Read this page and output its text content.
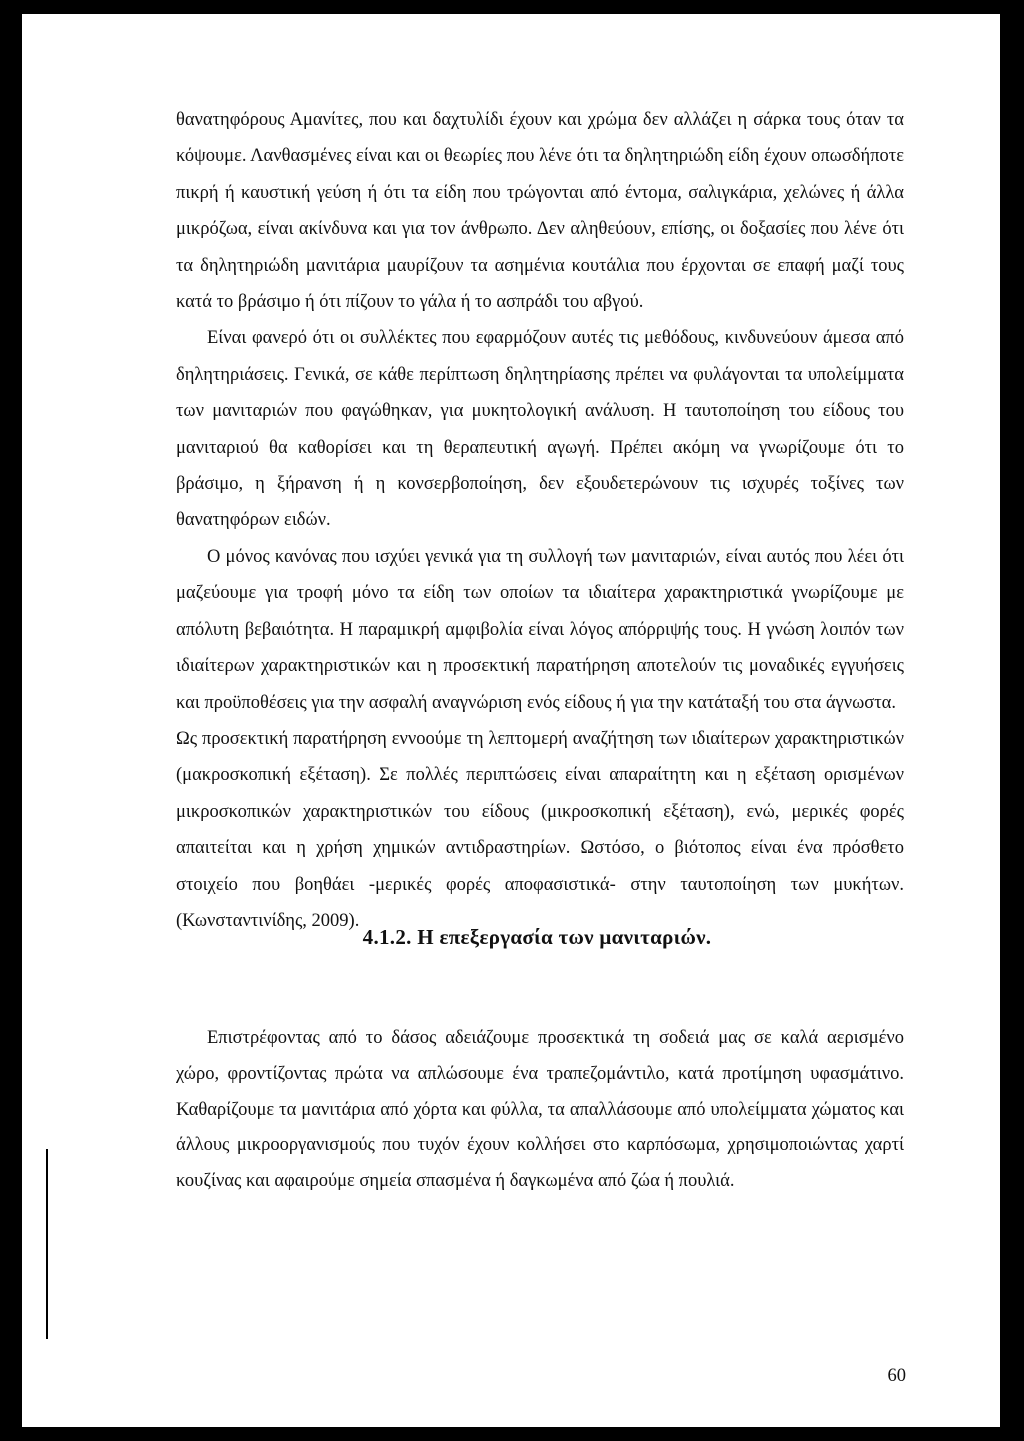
θανατηφόρους Αμανίτες, που και δαχτυλίδι έχουν και χρώμα δεν αλλάζει η σάρκα τους όταν τα κόψουμε. Λανθασμένες είναι και οι θεωρίες που λένε ότι τα δηλητηριώδη είδη έχουν οπωσδήποτε πικρή ή καυστική γεύση ή ότι τα είδη που τρώγονται από έντομα, σαλιγκάρια, χελώνες ή άλλα μικρόζωα, είναι ακίνδυνα και για τον άνθρωπο. Δεν αληθεύουν, επίσης, οι δοξασίες που λένε ότι τα δηλητηριώδη μανιτάρια μαυρίζουν τα ασημένια κουτάλια που έρχονται σε επαφή μαζί τους κατά το βράσιμο ή ότι πίζουν το γάλα ή το ασπράδι του αβγού.

Είναι φανερό ότι οι συλλέκτες που εφαρμόζουν αυτές τις μεθόδους, κινδυνεύουν άμεσα από δηλητηριάσεις. Γενικά, σε κάθε περίπτωση δηλητηρίασης πρέπει να φυλάγονται τα υπολείμματα των μανιταριών που φαγώθηκαν, για μυκητολογική ανάλυση. Η ταυτοποίηση του είδους του μανιταριού θα καθορίσει και τη θεραπευτική αγωγή. Πρέπει ακόμη να γνωρίζουμε ότι το βράσιμο, η ξήρανση ή η κονσερβοποίηση, δεν εξουδετερώνουν τις ισχυρές τοξίνες των θανατηφόρων ειδών.

Ο μόνος κανόνας που ισχύει γενικά για τη συλλογή των μανιταριών, είναι αυτός που λέει ότι μαζεύουμε για τροφή μόνο τα είδη των οποίων τα ιδιαίτερα χαρακτηριστικά γνωρίζουμε με απόλυτη βεβαιότητα. Η παραμικρή αμφιβολία είναι λόγος απόρριψής τους. Η γνώση λοιπόν των ιδιαίτερων χαρακτηριστικών και η προσεκτική παρατήρηση αποτελούν τις μοναδικές εγγυήσεις και προϋποθέσεις για την ασφαλή αναγνώριση ενός είδους ή για την κατάταξή του στα άγνωστα.

Ως προσεκτική παρατήρηση εννοούμε τη λεπτομερή αναζήτηση των ιδιαίτερων χαρακτηριστικών (μακροσκοπική εξέταση). Σε πολλές περιπτώσεις είναι απαραίτητη και η εξέταση ορισμένων μικροσκοπικών χαρακτηριστικών του είδους (μικροσκοπική εξέταση), ενώ, μερικές φορές απαιτείται και η χρήση χημικών αντιδραστηρίων. Ωστόσο, ο βιότοπος είναι ένα πρόσθετο στοιχείο που βοηθάει -μερικές φορές αποφασιστικά- στην ταυτοποίηση των μυκήτων. (Κωνσταντινίδης, 2009).

4.1.2. Η επεξεργασία των μανιταριών.

Επιστρέφοντας από το δάσος αδειάζουμε προσεκτικά τη σοδειά μας σε καλά αερισμένο χώρο, φροντίζοντας πρώτα να απλώσουμε ένα τραπεζομάντιλο, κατά προτίμηση υφασμάτινο. Καθαρίζουμε τα μανιτάρια από χόρτα και φύλλα, τα απαλλάσουμε από υπολείμματα χώματος και άλλους μικροοργανισμούς που τυχόν έχουν κολλήσει στο καρπόσωμα, χρησιμοποιώντας χαρτί κουζίνας και αφαιρούμε σημεία σπασμένα ή δαγκωμένα από ζώα ή πουλιά.

60
